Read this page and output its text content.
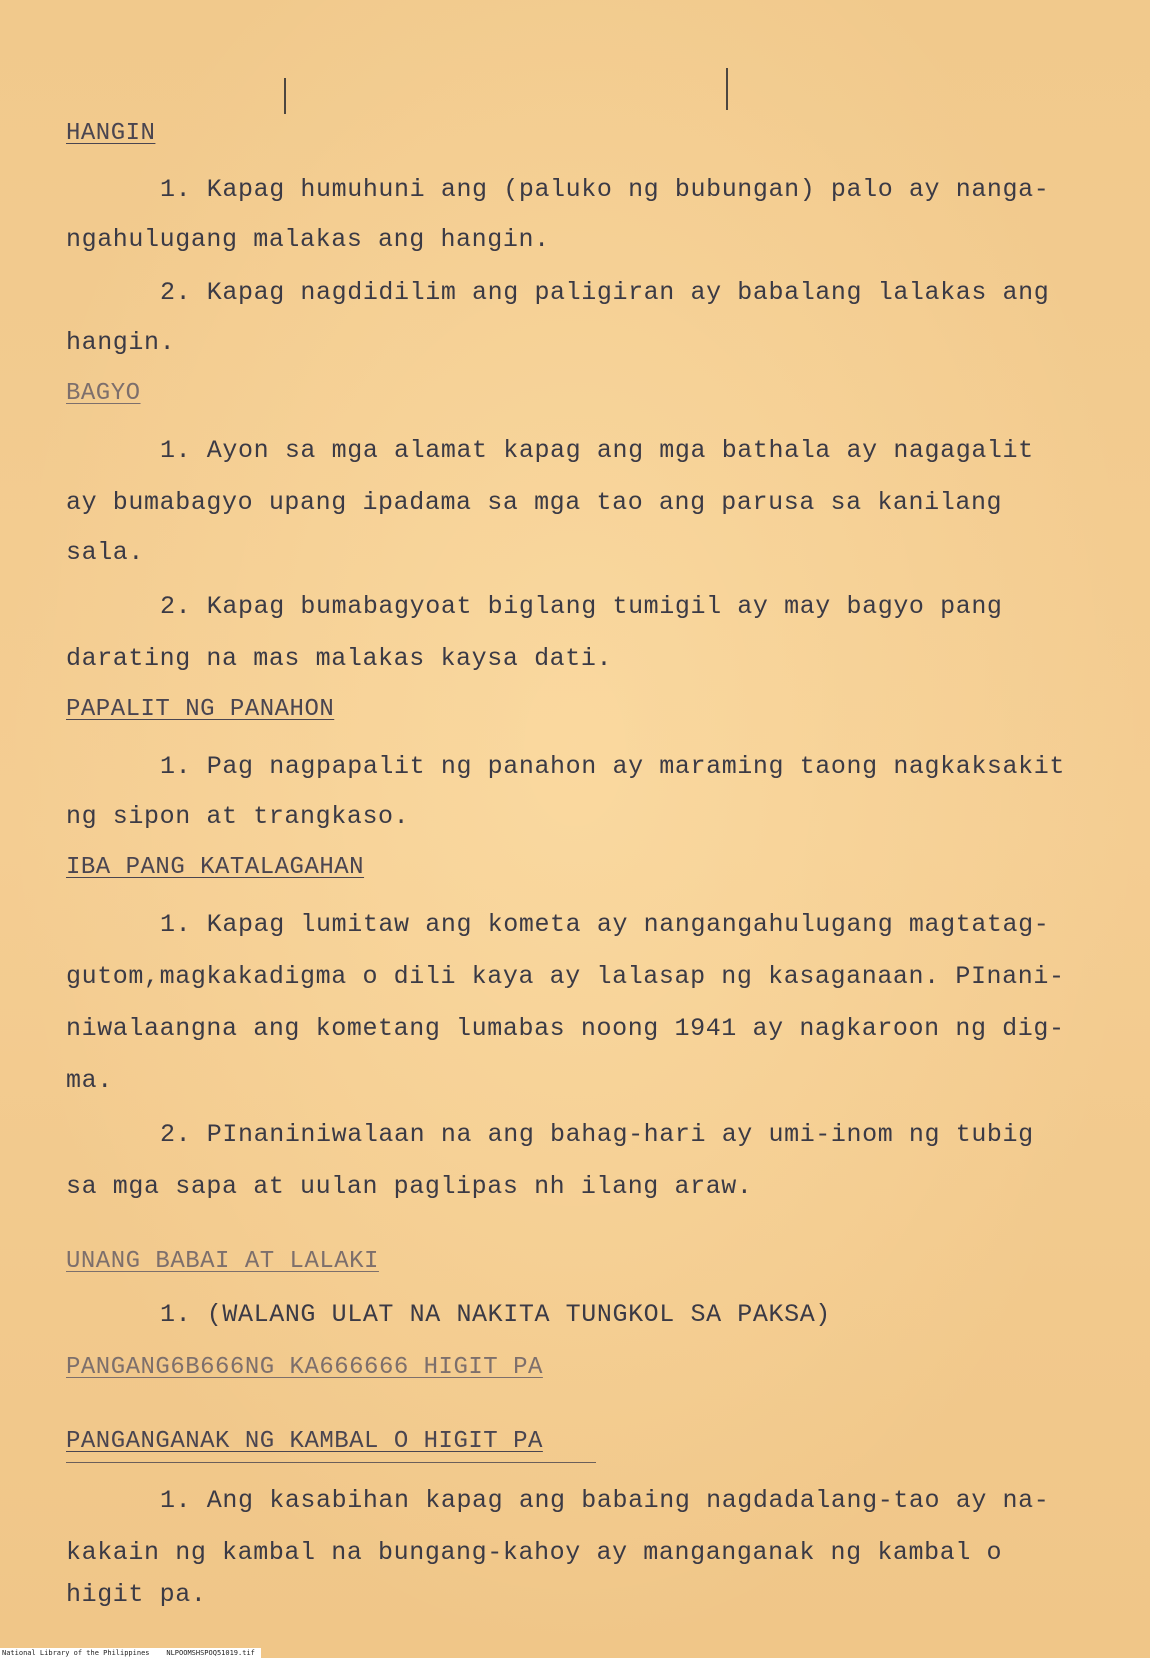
HANGIN
1. Kapag humuhuni ang (paluko ng bubungan) palo ay nanga-
ngahulugang malakas ang hangin.
2. Kapag nagdidilim ang paligiran ay babalang lalakas ang
hangin.
BAGYO
1. Ayon sa mga alamat kapag ang mga bathala ay nagagalit
ay bumabagyo upang ipadama sa mga tao ang parusa sa kanilang
sala.
2. Kapag bumabagyoat biglang tumigil ay may bagyo pang
darating na mas malakas kaysa dati.
PAPALIT NG PANAHON
1. Pag nagpapalit ng panahon ay maraming taong nagkaksakit
ng sipon at trangkaso.
IBA PANG KATALAGAHAN
1. Kapag lumitaw ang kometa ay nangangahulugang magtatag-
gutom,magkakadigma o dili kaya ay lalasap ng kasaganaan. PInani-
niwalaangna ang kometang lumabas noong 1941 ay nagkaroon ng dig-
ma.
2. PInaniniwalaan na ang bahag-hari ay umi-inom ng tubig
sa mga sapa at uulan paglipas nh ilang araw.
UNANG BABAI AT LALAKI
1. (WALANG ULAT NA NAKITA TUNGKOL SA PAKSA)
PANGANG6B666NG KA666666 HIGIT PA
PANGANGANAK NG KAMBAL O HIGIT PA
1. Ang kasabihan kapag ang babaing nagdadalang-tao ay na-
kakain ng kambal na bungang-kahoy ay manganganak ng kambal o
higit pa.
National Library of the Philippines NLPOOMSHSPOQ51019.tif
